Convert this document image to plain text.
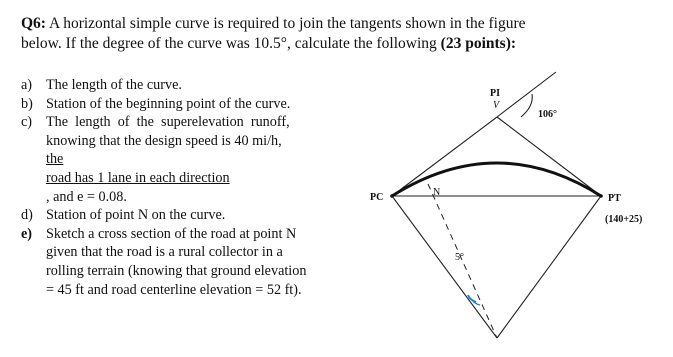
Q6: A horizontal simple curve is required to join the tangents shown in the figure
below. If the degree of the curve was 10.5°, calculate the following (23 points):
a) The length of the curve.
b) Station of the beginning point of the curve.
c) The  length  of  the  superelevation  runoff,
knowing that the design speed is 40 mi/h,
the
road has 1 lane in each direction
, and e = 0.08.
d) Station of point N on the curve.
e) Sketch a cross section of the road at point N
given that the road is a rural collector in a
rolling terrain (knowing that ground elevation
= 45 ft and road centerline elevation = 52 ft).
PI
V
106°
PC	PT
N
5°
(140+25)
